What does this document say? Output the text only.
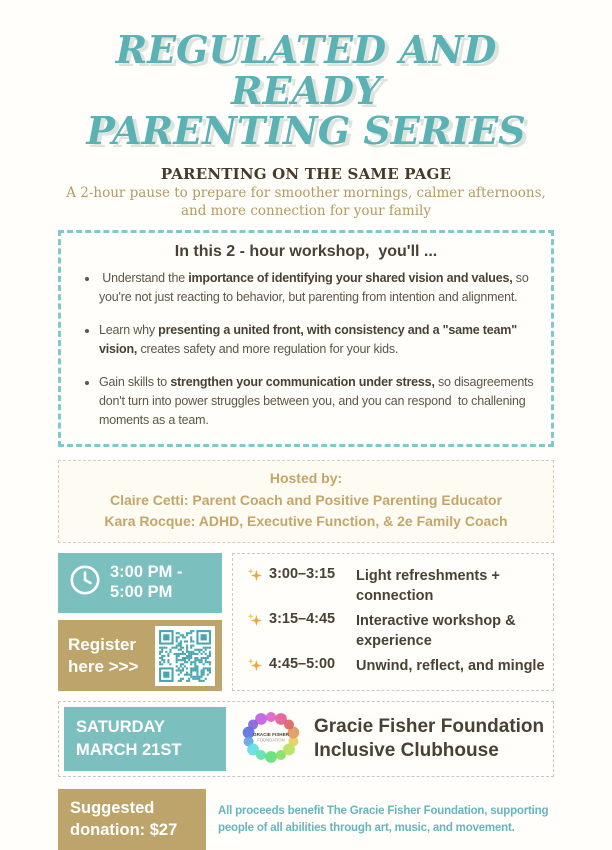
REGULATED AND READY
PARENTING SERIES
PARENTING ON THE SAME PAGE

A 2-hour pause to prepare for smoother mornings, calmer afternoons, and more connection for your family

In this 2 - hour workshop,  you'll ...

•  Understand the importance of identifying your shared vision and values, so you're not just reacting to behavior, but parenting from intention and alignment.
• Learn why presenting a united front, with consistency and a "same team" vision, creates safety and more regulation for your kids.
• Gain skills to strengthen your communication under stress, so disagreements don't turn into power struggles between you, and you can respond  to challening moments as a team.

Hosted by:

Claire Cetti: Parent Coach and Positive Parenting Educator

Kara Rocque: ADHD, Executive Function, & 2e Family Coach

3:00 PM -
5:00 PM
Register
here >>>
3:00–3:15	Light refreshments + connection
3:15–4:45	Interactive workshop & experience
4:45–5:00	Unwind, reflect, and mingle
SATURDAY
MARCH 21ST
GRACIE FISHER
FOUNDATION
Gracie Fisher Foundation
Inclusive Clubhouse
Suggested
donation: $27

All proceeds benefit The Gracie Fisher Foundation, supporting people of all abilities through art, music, and movement.
